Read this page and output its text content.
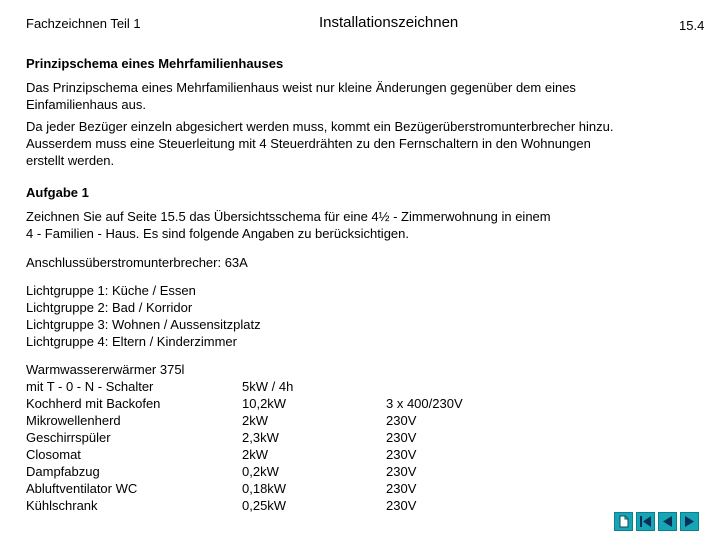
Fachzeichnen Teil 1	Installationszeichnen	15.4
Prinzipschema eines Mehrfamilienhauses
Das Prinzipschema eines Mehrfamilienhaus weist nur kleine Änderungen gegenüber dem eines
Einfamilienhaus aus.
Da jeder Bezüger einzeln abgesichert werden muss, kommt ein Bezügerüberstromunterbrecher hinzu.
Ausserdem muss eine Steuerleitung mit 4 Steuerdrähten zu den Fernschaltern in den Wohnungen
erstellt werden.
Aufgabe 1
Zeichnen Sie auf Seite 15.5 das Übersichtsschema für eine 4½ - Zimmerwohnung in einem
4 - Familien - Haus. Es sind folgende Angaben zu berücksichtigen.
Anschlussüberstromunterbrecher: 63A
Lichtgruppe 1: Küche / Essen
Lichtgruppe 2: Bad / Korridor
Lichtgruppe 3: Wohnen / Aussensitzplatz
Lichtgruppe 4: Eltern / Kinderzimmer
Warmwassererwärmer 375l
mit T - 0 - N - Schalter
Kochherd mit Backofen
Mikrowellenherd
Geschirrspüler
Closomat
Dampfabzug
Abluftventilator WC
Kühlschrank
5kW / 4h
10,2kW
2kW
2,3kW
2kW
0,2kW
0,18kW
0,25kW
3 x 400/230V
230V
230V
230V
230V
230V
230V
